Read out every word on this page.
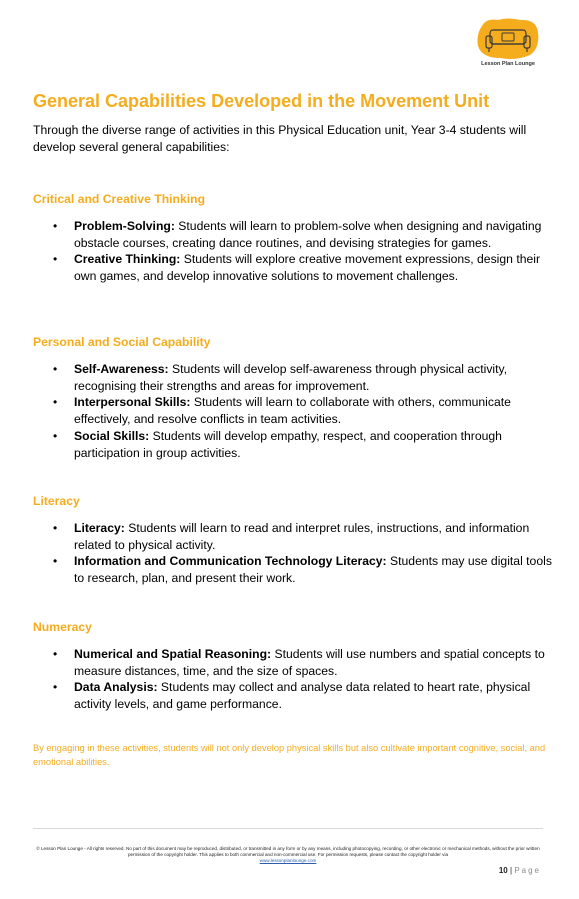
Lesson Plan Lounge
General Capabilities Developed in the Movement Unit

Through the diverse range of activities in this Physical Education unit, Year 3-4 students will develop several general capabilities:

Critical and Creative Thinking
• Problem-Solving: Students will learn to problem-solve when designing and navigating obstacle courses, creating dance routines, and devising strategies for games.
• Creative Thinking: Students will explore creative movement expressions, design their own games, and develop innovative solutions to movement challenges.
Personal and Social Capability
• Self-Awareness: Students will develop self-awareness through physical activity, recognising their strengths and areas for improvement.
• Interpersonal Skills: Students will learn to collaborate with others, communicate effectively, and resolve conflicts in team activities.
• Social Skills: Students will develop empathy, respect, and cooperation through participation in group activities.
Literacy
• Literacy: Students will learn to read and interpret rules, instructions, and information related to physical activity.
• Information and Communication Technology Literacy: Students may use digital tools to research, plan, and present their work.
Numeracy
• Numerical and Spatial Reasoning: Students will use numbers and spatial concepts to measure distances, time, and the size of spaces.
• Data Analysis: Students may collect and analyse data related to heart rate, physical activity levels, and game performance.

By engaging in these activities, students will not only develop physical skills but also cultivate important cognitive, social, and emotional abilities.

© Lesson Plan Lounge - All rights reserved. No part of this document may be reproduced, distributed, or transmitted in any form or by any means, including photocopying, recording, or other electronic or mechanical methods, without the prior written permission of the copyright holder. This applies to both commercial and non-commercial use. For permission requests, please contact the copyright holder via
www.lessonplanlounge.com
10 | Page
